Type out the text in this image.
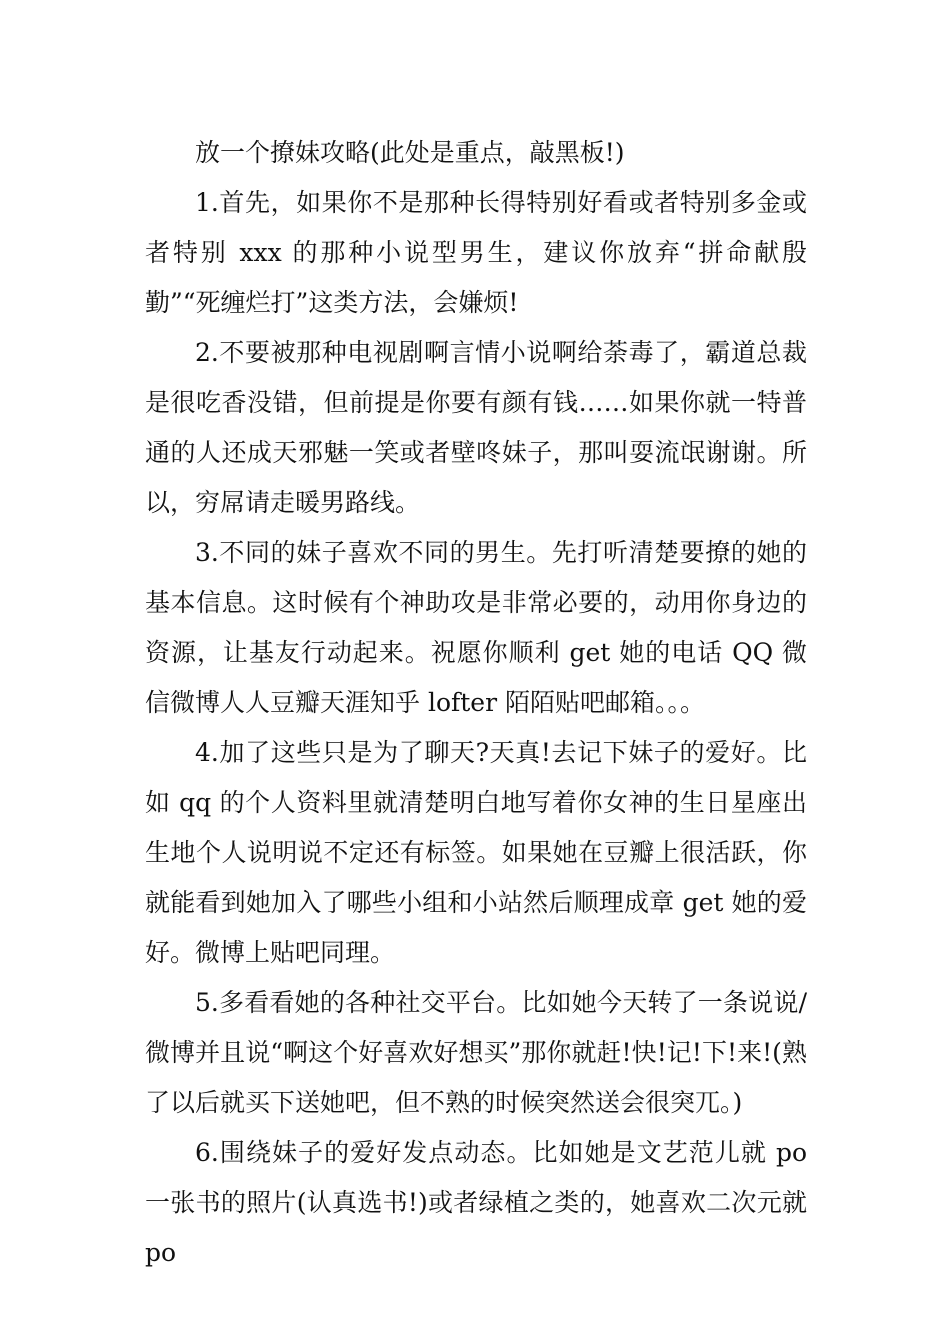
放一个撩妹攻略(此处是重点，敲黑板!)

1.首先，如果你不是那种长得特别好看或者特别多金或者特别 xxx 的那种小说型男生，建议你放弃“拼命献殷勤”“死缠烂打”这类方法，会嫌烦!

2.不要被那种电视剧啊言情小说啊给荼毒了，霸道总裁是很吃香没错，但前提是你要有颜有钱……如果你就一特普通的人还成天邪魅一笑或者壁咚妹子，那叫耍流氓谢谢。所以，穷屌请走暖男路线。

3.不同的妹子喜欢不同的男生。先打听清楚要撩的她的基本信息。这时候有个神助攻是非常必要的，动用你身边的资源，让基友行动起来。祝愿你顺利 get 她的电话 QQ 微信微博人人豆瓣天涯知乎 lofter 陌陌贴吧邮箱。。。

4.加了这些只是为了聊天?天真!去记下妹子的爱好。比如 qq 的个人资料里就清楚明白地写着你女神的生日星座出生地个人说明说不定还有标签。如果她在豆瓣上很活跃，你就能看到她加入了哪些小组和小站然后顺理成章 get 她的爱好。微博上贴吧同理。

5.多看看她的各种社交平台。比如她今天转了一条说说/微博并且说“啊这个好喜欢好想买”那你就赶!快!记!下!来!(熟了以后就买下送她吧，但不熟的时候突然送会很突兀。)

6.围绕妹子的爱好发点动态。比如她是文艺范儿就 po 一张书的照片(认真选书!)或者绿植之类的，她喜欢二次元就 po
